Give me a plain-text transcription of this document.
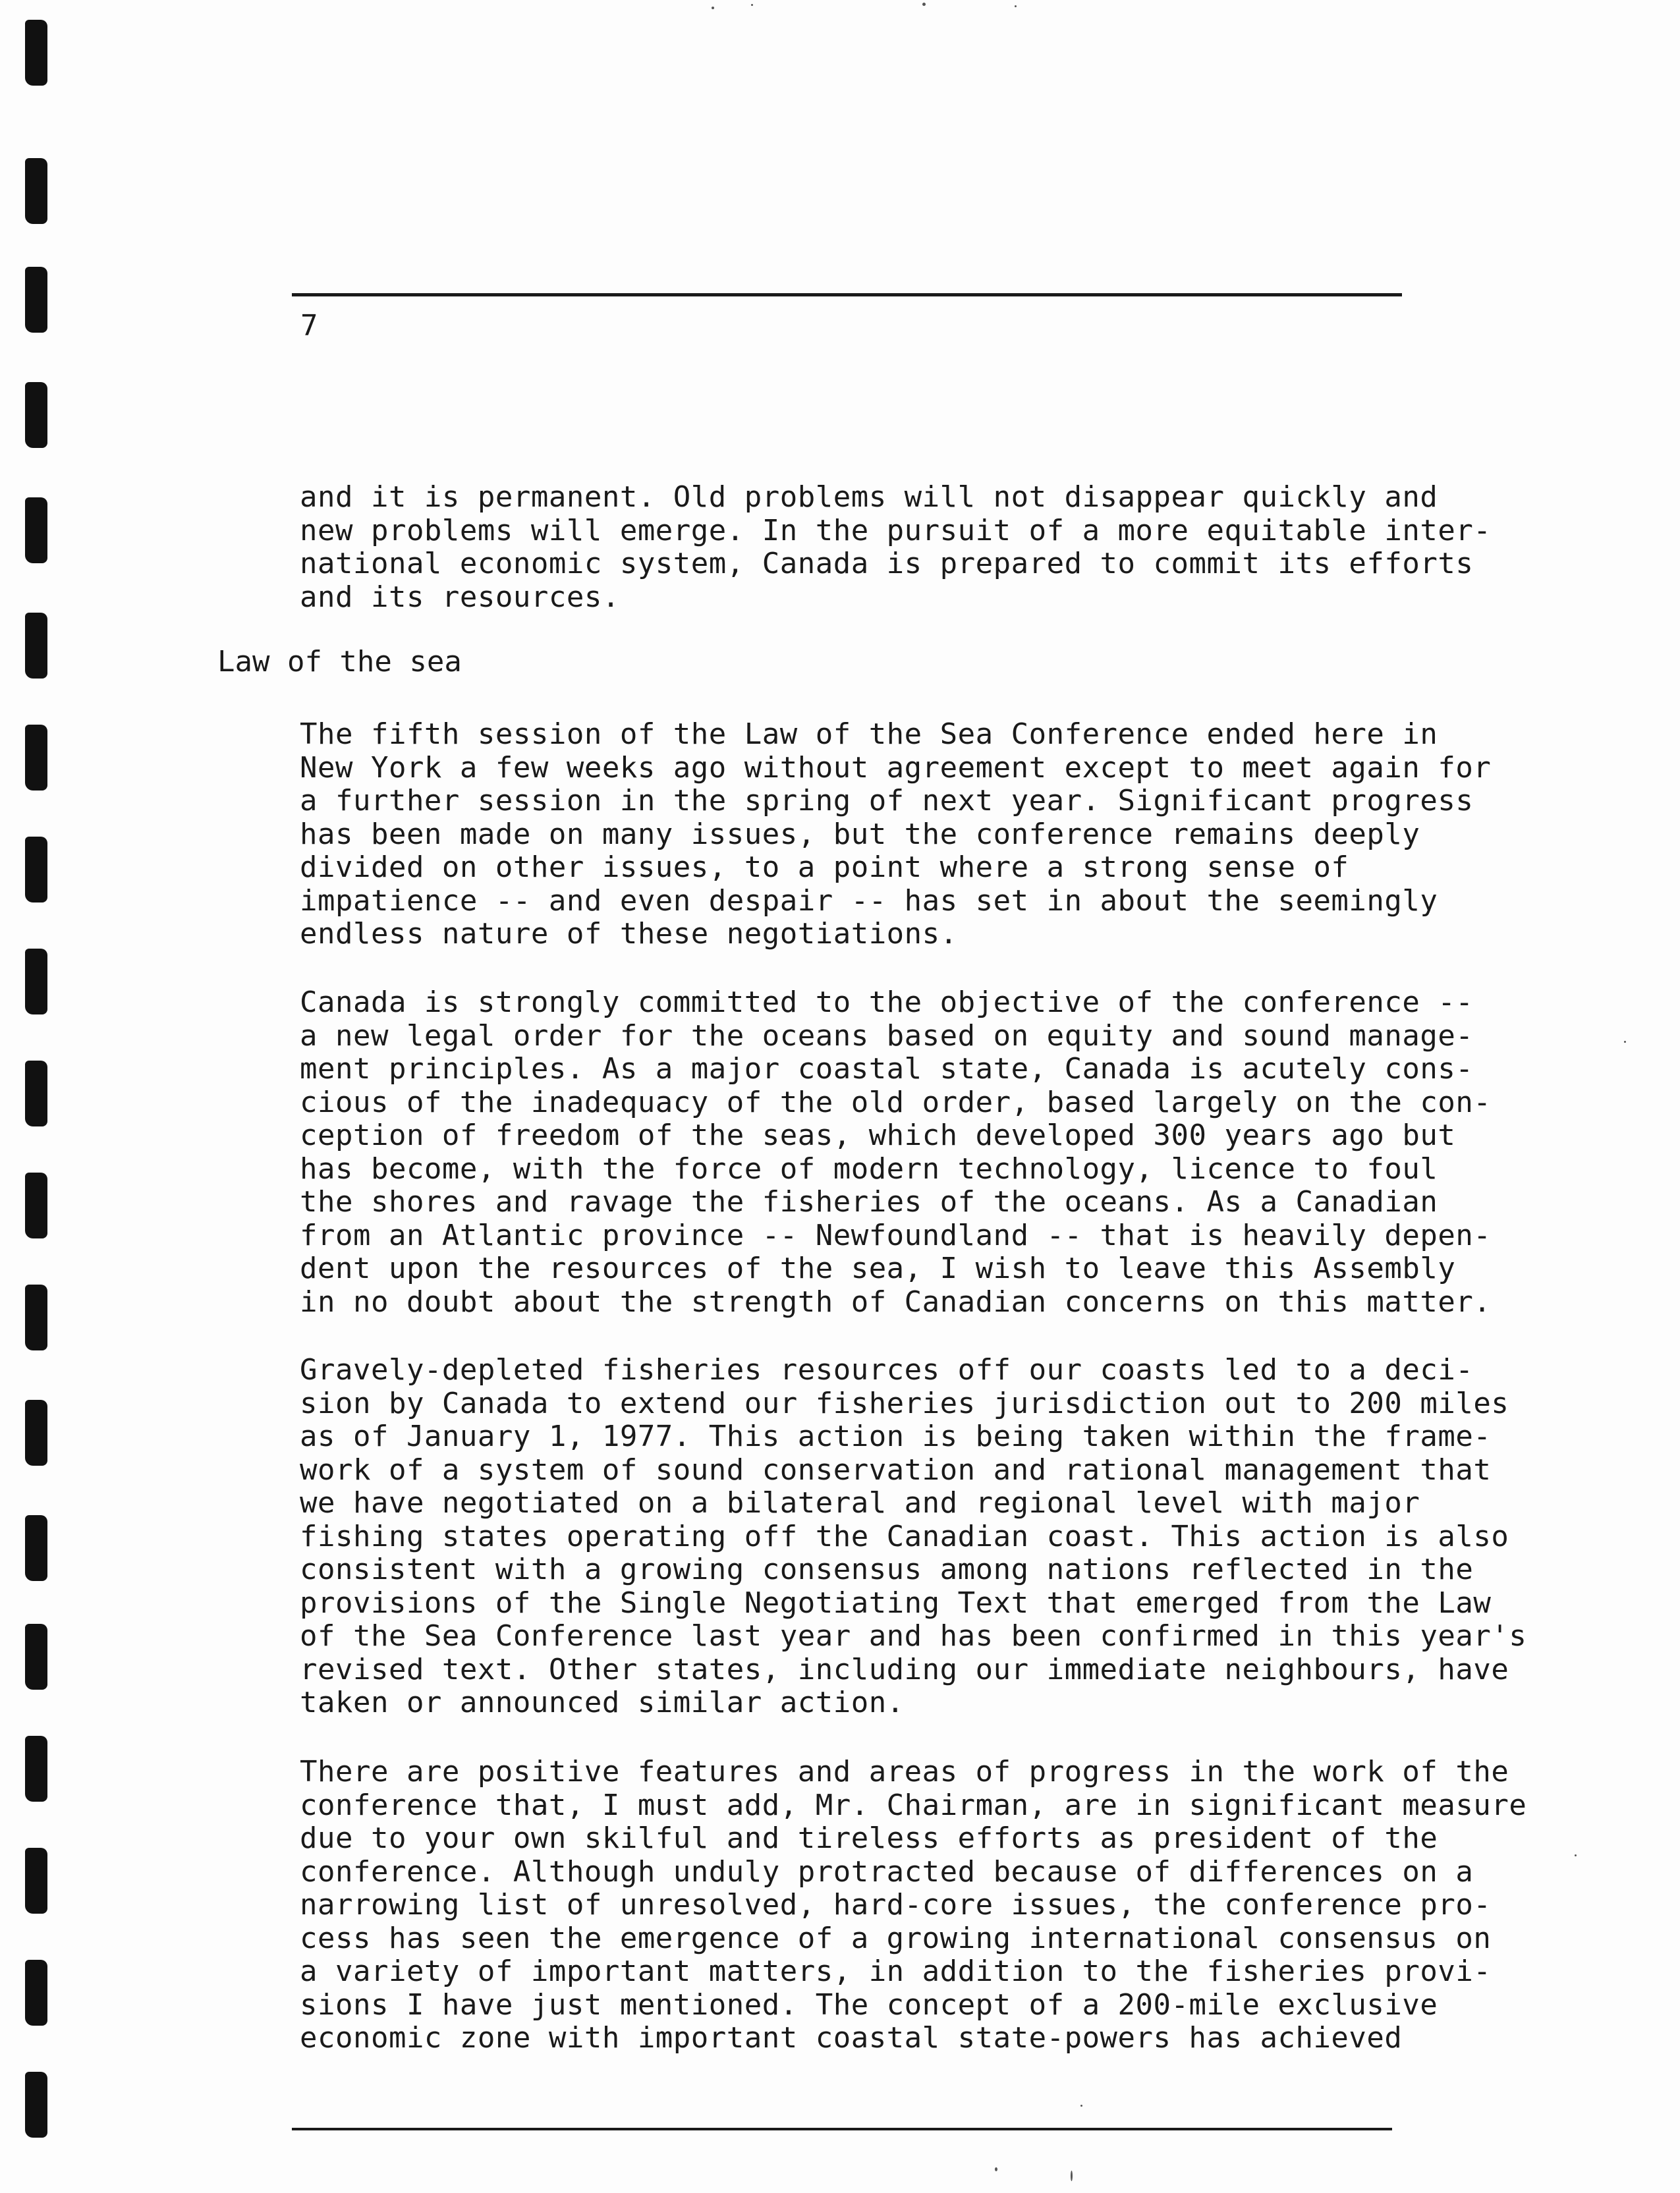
7
and it is permanent. Old problems will not disappear quickly and
new problems will emerge. In the pursuit of a more equitable inter-
national economic system, Canada is prepared to commit its efforts
and its resources.
Law of the sea
The fifth session of the Law of the Sea Conference ended here in
New York a few weeks ago without agreement except to meet again for
a further session in the spring of next year. Significant progress
has been made on many issues, but the conference remains deeply
divided on other issues, to a point where a strong sense of
impatience -- and even despair -- has set in about the seemingly
endless nature of these negotiations.
Canada is strongly committed to the objective of the conference --
a new legal order for the oceans based on equity and sound manage-
ment principles. As a major coastal state, Canada is acutely cons-
cious of the inadequacy of the old order, based largely on the con-
ception of freedom of the seas, which developed 300 years ago but
has become, with the force of modern technology, licence to foul
the shores and ravage the fisheries of the oceans. As a Canadian
from an Atlantic province -- Newfoundland -- that is heavily depen-
dent upon the resources of the sea, I wish to leave this Assembly
in no doubt about the strength of Canadian concerns on this matter.
Gravely-depleted fisheries resources off our coasts led to a deci-
sion by Canada to extend our fisheries jurisdiction out to 200 miles
as of January 1, 1977. This action is being taken within the frame-
work of a system of sound conservation and rational management that
we have negotiated on a bilateral and regional level with major
fishing states operating off the Canadian coast. This action is also
consistent with a growing consensus among nations reflected in the
provisions of the Single Negotiating Text that emerged from the Law
of the Sea Conference last year and has been confirmed in this year's
revised text. Other states, including our immediate neighbours, have
taken or announced similar action.
There are positive features and areas of progress in the work of the
conference that, I must add, Mr. Chairman, are in significant measure
due to your own skilful and tireless efforts as president of the
conference. Although unduly protracted because of differences on a
narrowing list of unresolved, hard-core issues, the conference pro-
cess has seen the emergence of a growing international consensus on
a variety of important matters, in addition to the fisheries provi-
sions I have just mentioned. The concept of a 200-mile exclusive
economic zone with important coastal state-powers has achieved
